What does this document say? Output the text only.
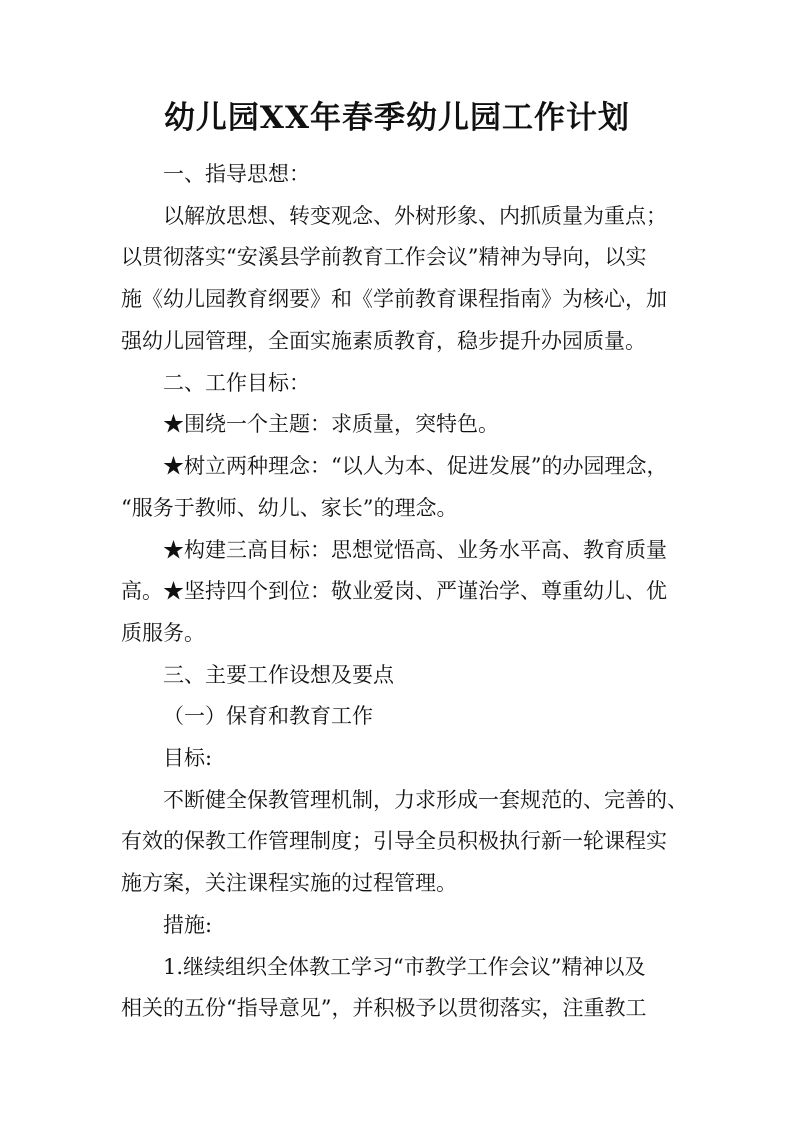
幼儿园XX年春季幼儿园工作计划
一、指导思想：
以解放思想、转变观念、外树形象、内抓质量为重点；
以贯彻落实“安溪县学前教育工作会议”精神为导向，以实
施《幼儿园教育纲要》和《学前教育课程指南》为核心，加
强幼儿园管理，全面实施素质教育，稳步提升办园质量。
二、工作目标：
★围绕一个主题：求质量，突特色。
★树立两种理念：“以人为本、促进发展”的办园理念，
“服务于教师、幼儿、家长”的理念。
★构建三高目标：思想觉悟高、业务水平高、教育质量
高。★坚持四个到位：敬业爱岗、严谨治学、尊重幼儿、优
质服务。
三、主要工作设想及要点
（一）保育和教育工作
目标:
不断健全保教管理机制，力求形成一套规范的、完善的、
有效的保教工作管理制度；引导全员积极执行新一轮课程实
施方案，关注课程实施的过程管理。
措施:
1.继续组织全体教工学习“市教学工作会议”精神以及
相关的五份“指导意见”，并积极予以贯彻落实，注重教工
